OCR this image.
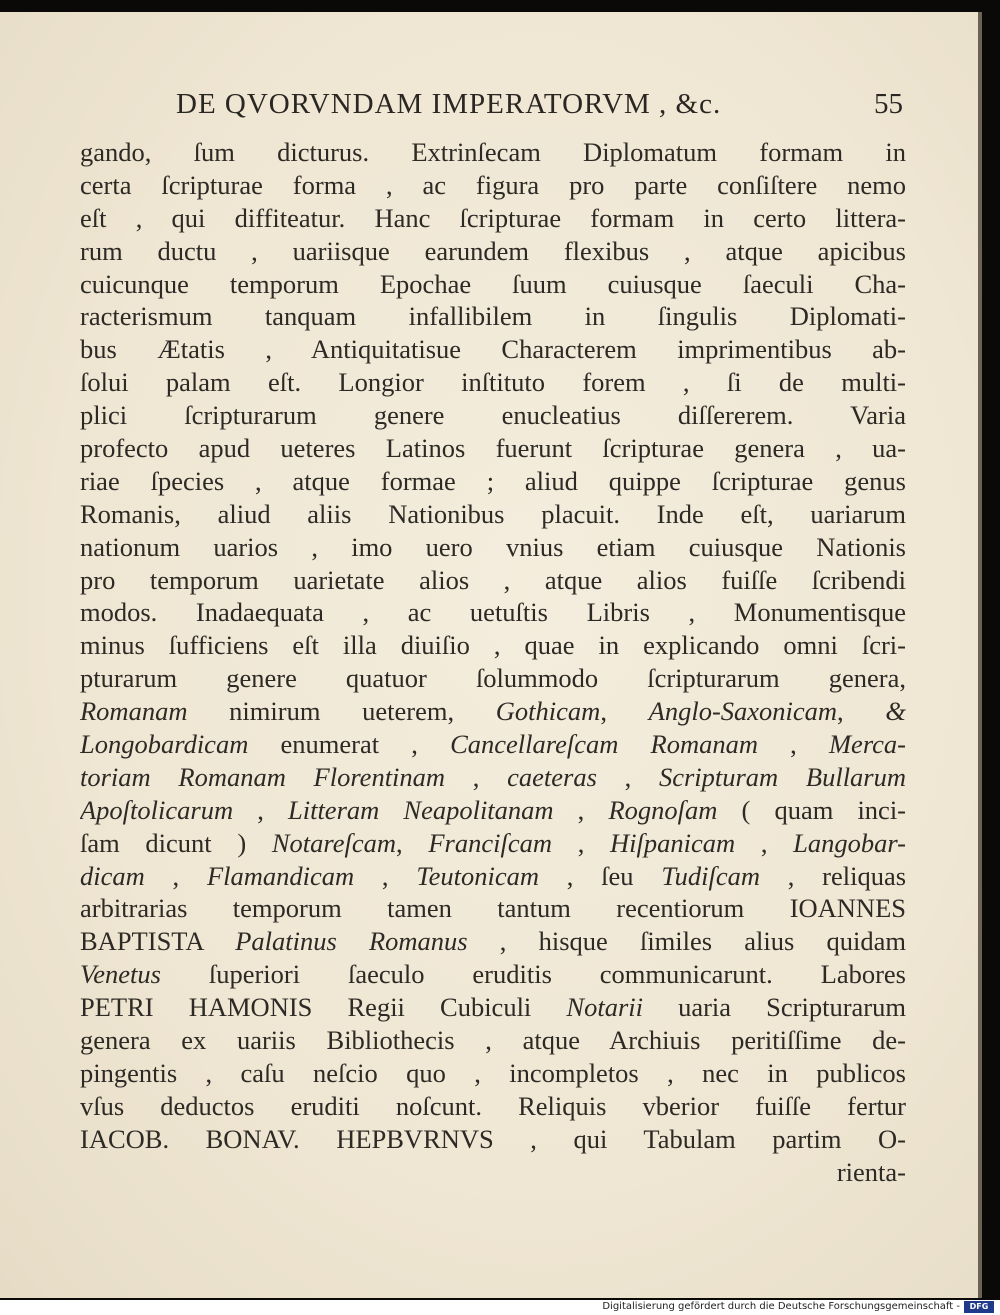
DE QVORVNDAM IMPERATORVM , &c.	55
gando, ſum dicturus. Extrinſecam Diplomatum formam in
certa ſcripturae forma , ac figura pro parte conſiſtere nemo
eſt , qui diffiteatur. Hanc ſcripturae formam in certo littera-
rum ductu , uariisque earundem flexibus , atque apicibus
cuicunque temporum Epochae ſuum cuiusque ſaeculi Cha-
racterismum tanquam infallibilem in ſingulis Diplomati-
bus Ætatis , Antiquitatisue Characterem imprimentibus ab-
ſolui palam eſt. Longior inſtituto forem , ſi de multi-
plici ſcripturarum genere enucleatius diſſererem. Varia
profecto apud ueteres Latinos fuerunt ſcripturae genera , ua-
riae ſpecies , atque formae ; aliud quippe ſcripturae genus
Romanis, aliud aliis Nationibus placuit. Inde eſt, uariarum
nationum uarios , imo uero vnius etiam cuiusque Nationis
pro temporum uarietate alios , atque alios fuiſſe ſcribendi
modos. Inadaequata , ac uetuſtis Libris , Monumentisque
minus ſufficiens eſt illa diuiſio , quae in explicando omni ſcri-
pturarum genere quatuor ſolummodo ſcripturarum genera,
Romanam nimirum ueterem, Gothicam, Anglo-Saxonicam, &
Longobardicam enumerat , Cancellareſcam Romanam , Merca-
toriam Romanam Florentinam , caeteras , Scripturam Bullarum
Apoſtolicarum , Litteram Neapolitanam , Rognoſam ( quam inci-
ſam dicunt ) Notareſcam, Franciſcam , Hiſpanicam , Langobar-
dicam , Flamandicam , Teutonicam , ſeu Tudiſcam , reliquas
arbitrarias temporum tamen tantum recentiorum IOANNES
BAPTISTA Palatinus Romanus , hisque ſimiles alius quidam
Venetus ſuperiori ſaeculo eruditis communicarunt. Labores
PETRI HAMONIS Regii Cubiculi Notarii uaria Scripturarum
genera ex uariis Bibliothecis , atque Archiuis peritiſſime de-
pingentis , caſu neſcio quo , incompletos , nec in publicos
vſus deductos eruditi noſcunt. Reliquis vberior fuiſſe fertur
IACOB. BONAV. HEPBVRNVS , qui Tabulam partim O-
rienta-
Digitalisierung gefördert durch die Deutsche Forschungsgemeinschaft -	DFG
